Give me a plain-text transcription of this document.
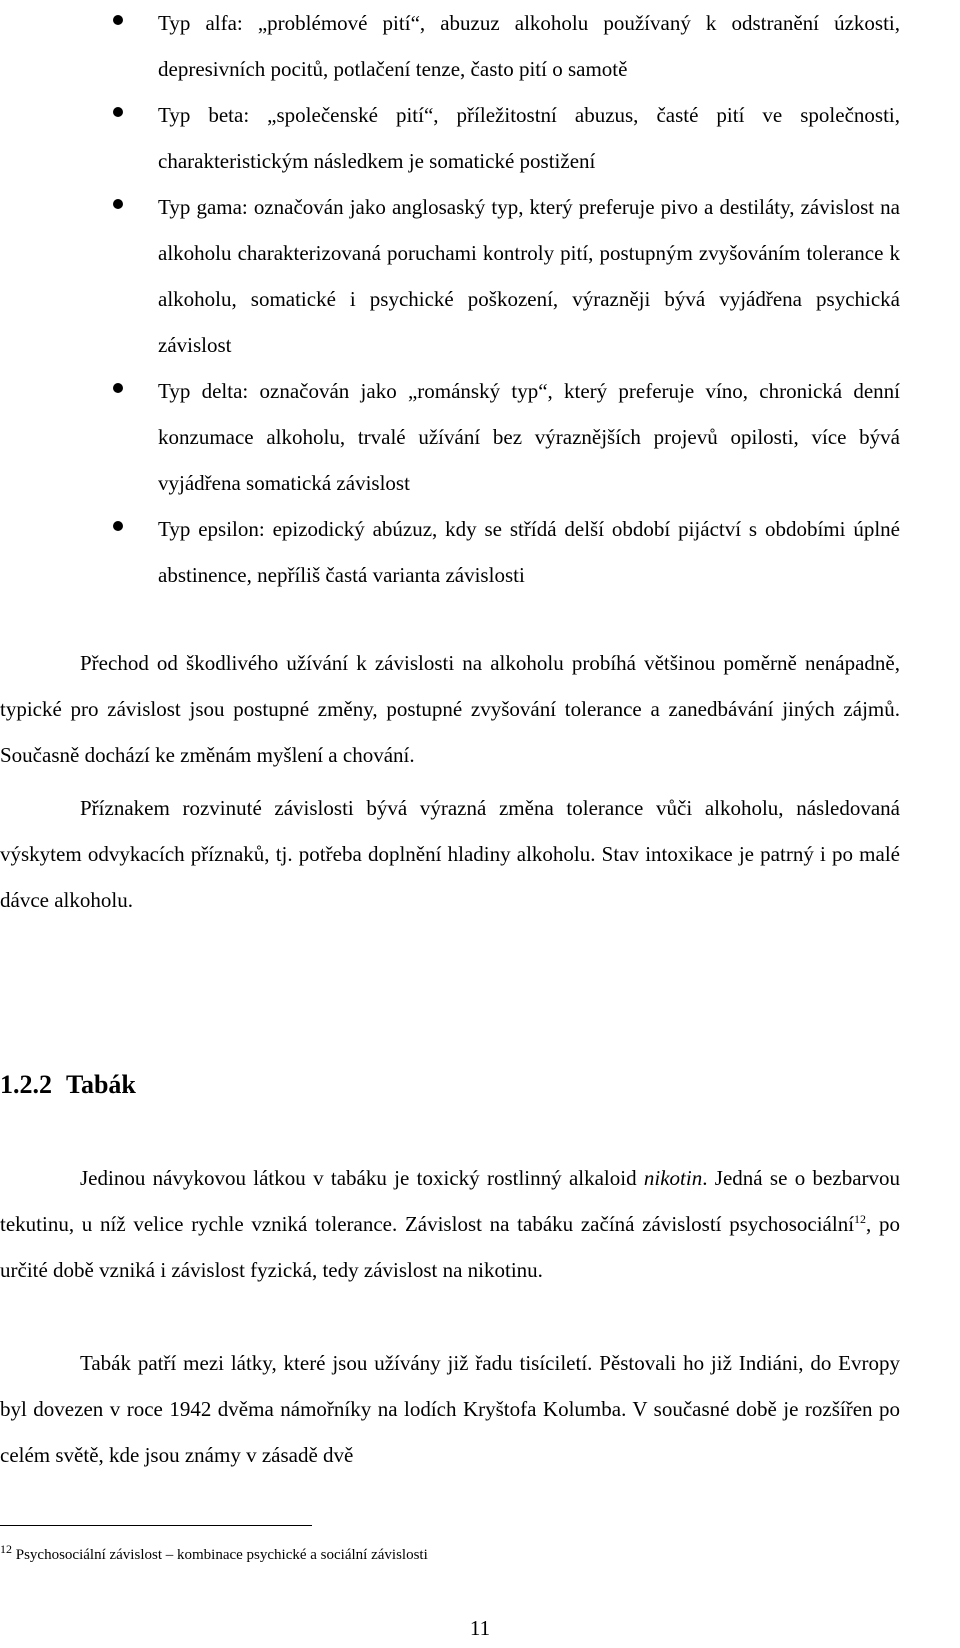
Typ alfa: „problémové pití“, abuzuz alkoholu používaný k odstranění úzkosti, depresivních pocitů, potlačení tenze, často pití o samotě
Typ beta: „společenské pití“, příležitostní abuzus, časté pití ve společnosti, charakteristickým následkem je somatické postižení
Typ gama: označován jako anglosaský typ, který preferuje pivo a destiláty, závislost na alkoholu charakterizovaná poruchami kontroly pití, postupným zvyšováním tolerance k alkoholu, somatické i psychické poškození, výrazněji bývá vyjádřena psychická závislost
Typ delta: označován jako „románský typ“, který preferuje víno, chronická denní konzumace alkoholu, trvalé užívání bez výraznějších projevů opilosti, více bývá vyjádřena somatická závislost
Typ epsilon: epizodický abúzuz, kdy se střídá delší období pijáctví s obdobími úplné abstinence, nepříliš častá varianta závislosti

Přechod od škodlivého užívání k závislosti na alkoholu probíhá většinou poměrně nenápadně, typické pro závislost jsou postupné změny, postupné zvyšování tolerance a zanedbávání jiných zájmů. Současně dochází ke změnám myšlení a chování.

Příznakem rozvinuté závislosti bývá výrazná změna tolerance vůči alkoholu, následovaná výskytem odvykacích příznaků, tj. potřeba doplnění hladiny alkoholu. Stav intoxikace je patrný i po malé dávce alkoholu.

1.2.2 Tabák

Jedinou návykovou látkou v tabáku je toxický rostlinný alkaloid nikotin. Jedná se o bezbarvou tekutinu, u níž velice rychle vzniká tolerance. Závislost na tabáku začíná závislostí psychosociální$^{12}$, po určité době vzniká i závislost fyzická, tedy závislost na nikotinu.

Tabák patří mezi látky, které jsou užívány již řadu tisíciletí. Pěstovali ho již Indiáni, do Evropy byl dovezen v roce 1942 dvěma námořníky na lodích Kryštofa Kolumba. V současné době je rozšířen po celém světě, kde jsou známy v zásadě dvě

$^{12}$ Psychosociální závislost – kombinace psychické a sociální závislosti
11
